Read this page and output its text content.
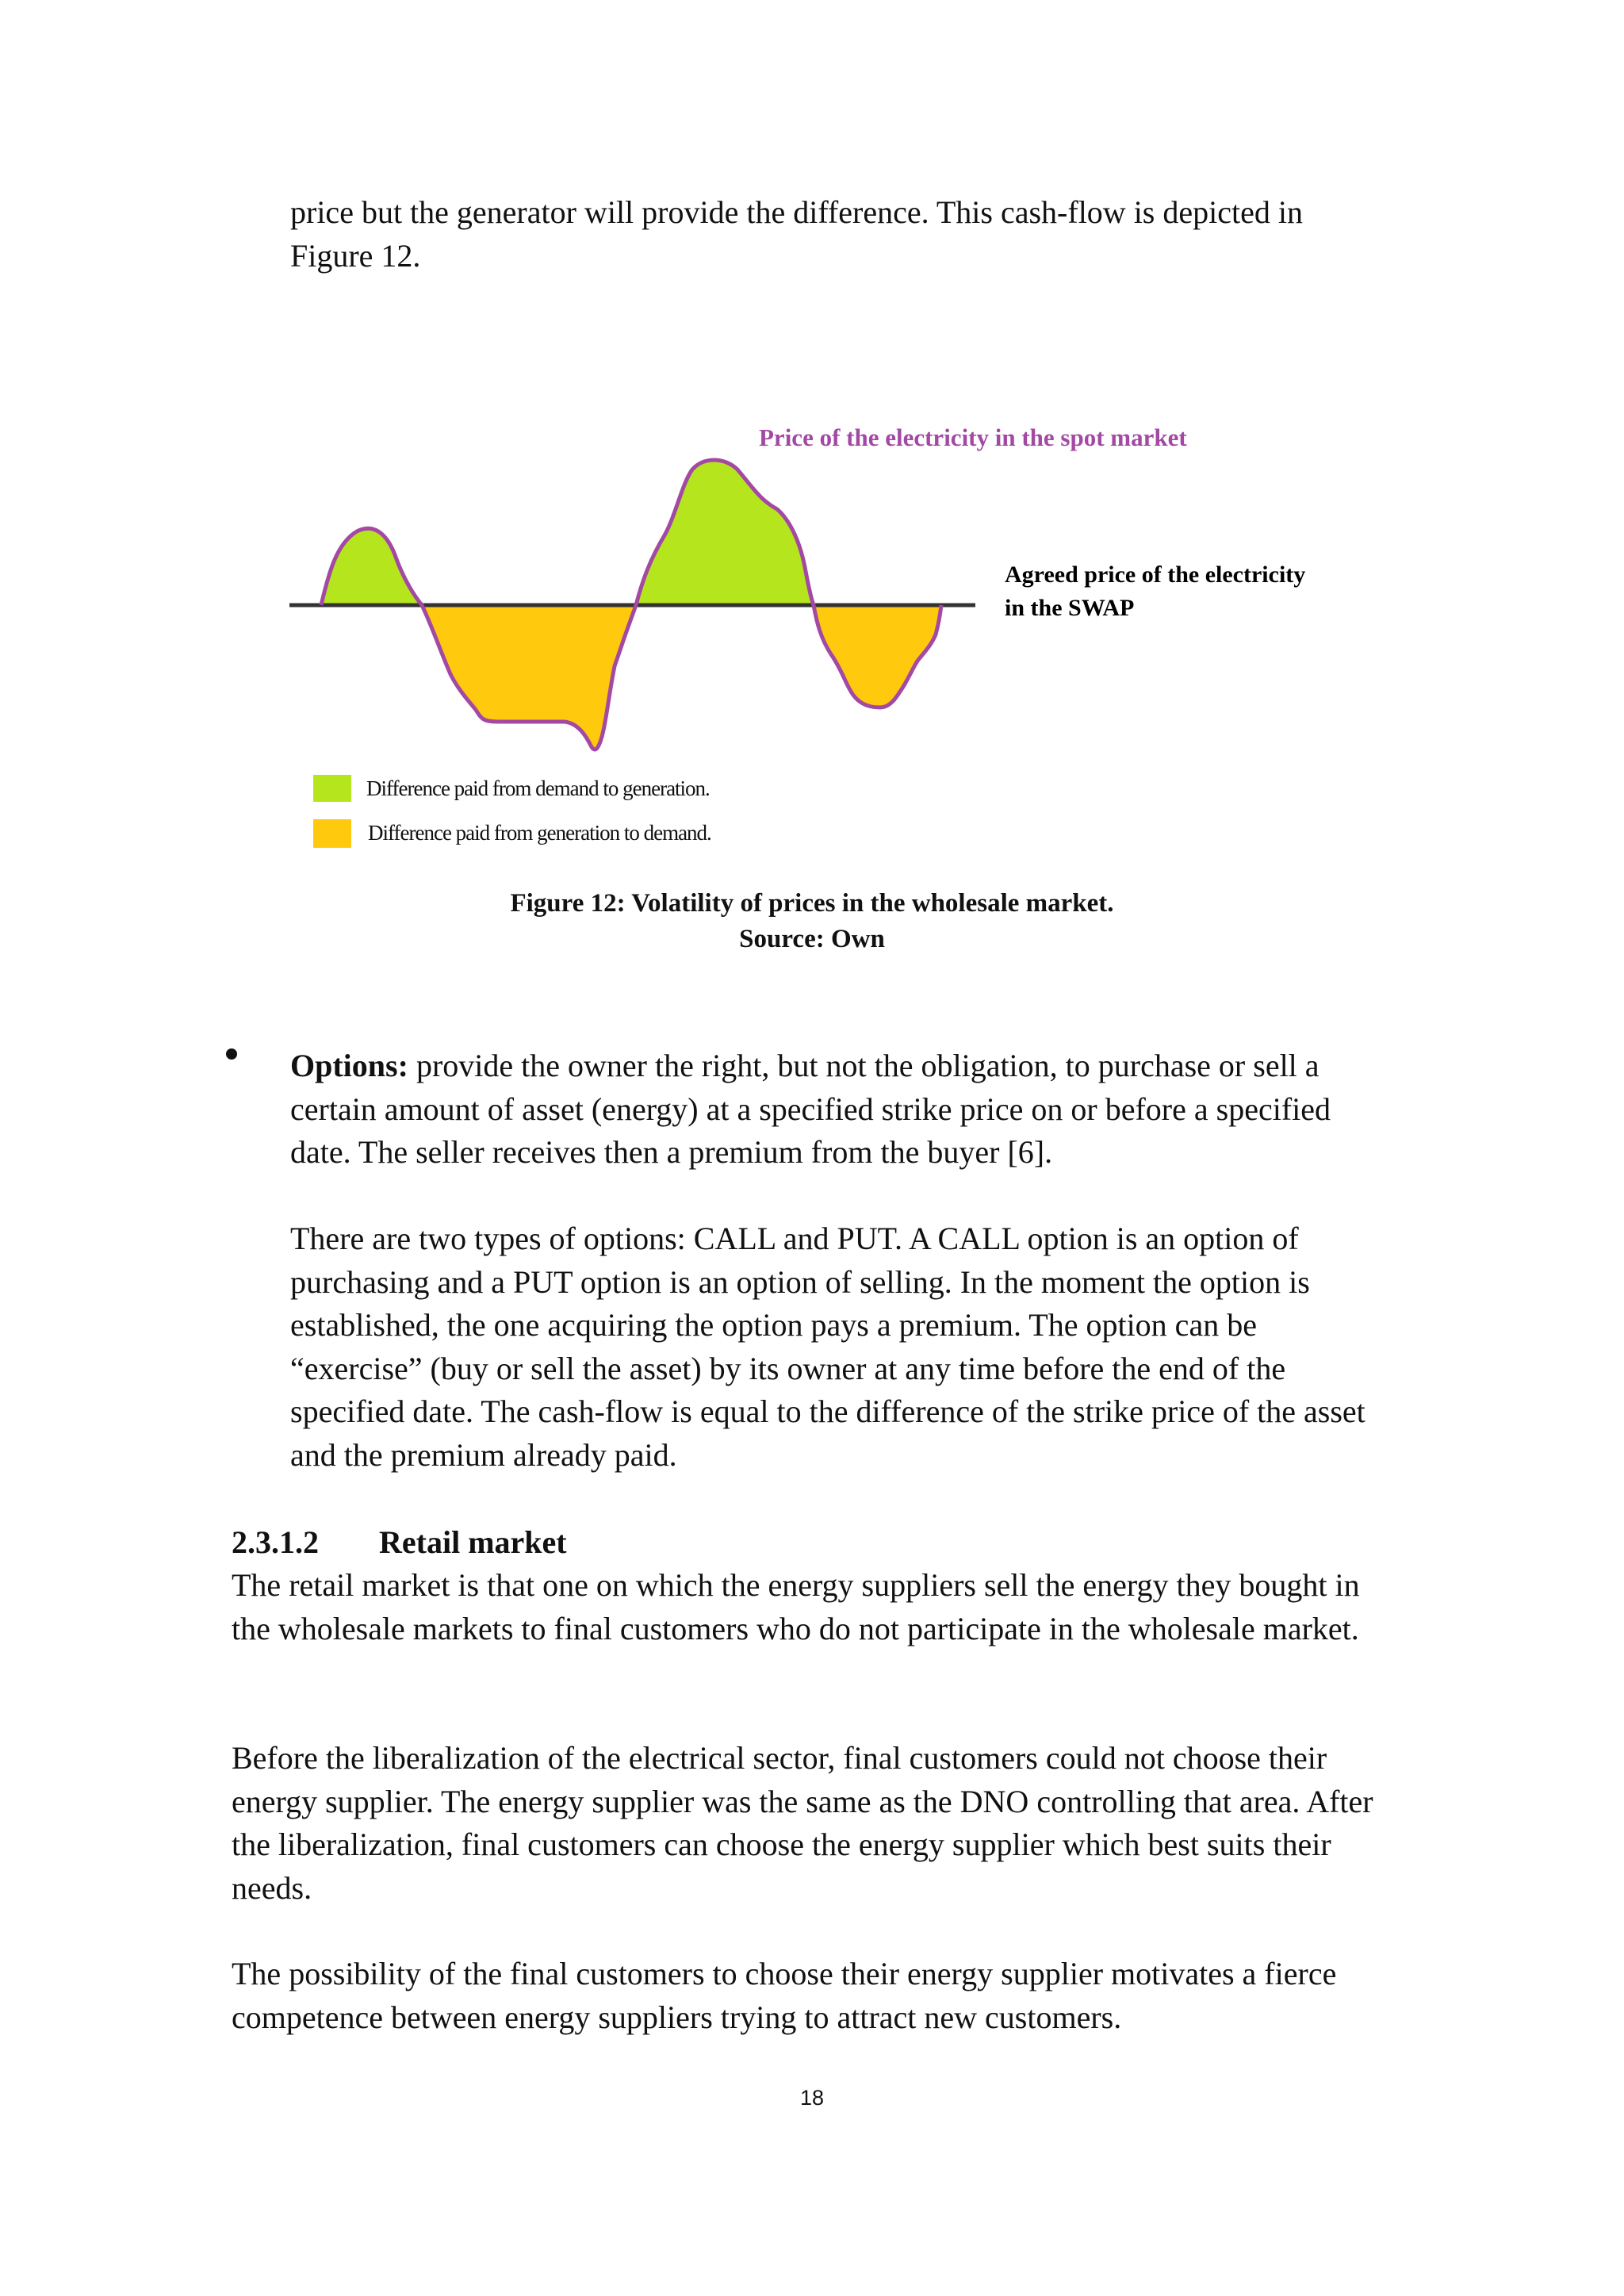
price but the generator will provide the difference. This cash-flow is depicted in Figure 12.

Price of the electricity in the spot market
Agreed price of the electricity
in the SWAP
Difference paid from demand to generation.
Difference paid from generation to demand.
Figure 12: Volatility of prices in the wholesale market.
Source: Own

Options: provide the owner the right, but not the obligation, to purchase or sell a certain amount of asset (energy) at a specified strike price on or before a specified date. The seller receives then a premium from the buyer [6].

There are two types of options: CALL and PUT. A CALL option is an option of purchasing and a PUT option is an option of selling. In the moment the option is established, the one acquiring the option pays a premium. The option can be “exercise” (buy or sell the asset) by its owner at any time before the end of the specified date. The cash-flow is equal to the difference of the strike price of the asset and the premium already paid.

2.3.1.2 Retail market

The retail market is that one on which the energy suppliers sell the energy they bought in the wholesale markets to final customers who do not participate in the wholesale market.

Before the liberalization of the electrical sector, final customers could not choose their energy supplier. The energy supplier was the same as the DNO controlling that area. After the liberalization, final customers can choose the energy supplier which best suits their needs.

The possibility of the final customers to choose their energy supplier motivates a fierce competence between energy suppliers trying to attract new customers.

18
